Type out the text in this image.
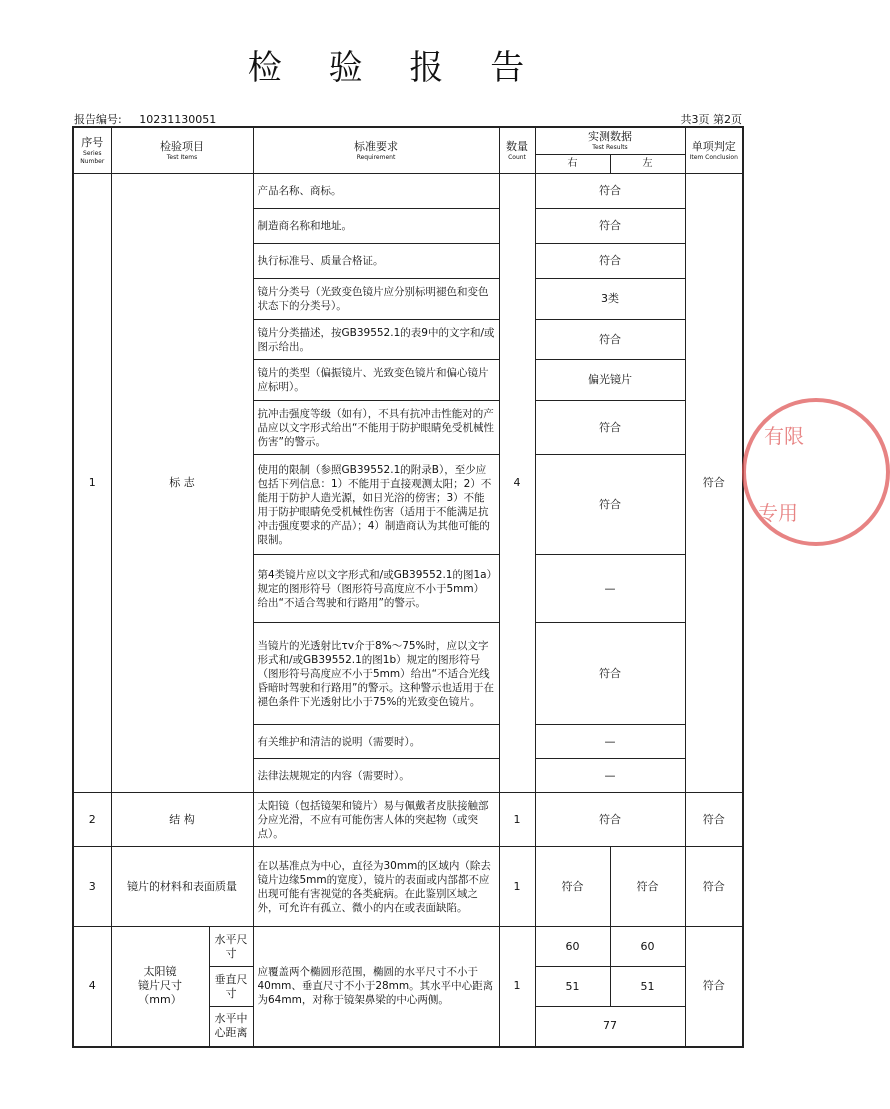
检 验 报 告
报告编号: 10231130051	共3页 第2页
序号
Series Number	检验项目
Test Items		标准要求
Requirement	数量
Count	实测数据
Test Results		单项判定
Item Conclusion

					右	左	
1	标 志		产品名称、商标。	4	符合		符合
			制造商名称和地址。		符合		
			执行标准号、质量合格证。		符合		
			镜片分类号（光致变色镜片应分别标明褪色和变色状态下的分类号）。		3类		
			镜片分类描述，按GB39552.1的表9中的文字和/或图示给出。		符合		
			镜片的类型（偏振镜片、光致变色镜片和偏心镜片应标明）。		偏光镜片		
			抗冲击强度等级（如有），不具有抗冲击性能对的产品应以文字形式给出“不能用于防护眼睛免受机械性伤害”的警示。		符合		
			使用的限制（参照GB39552.1的附录B），至少应包括下列信息：1）不能用于直接观测太阳；2）不能用于防护人造光源，如日光浴的傍害；3）不能用于防护眼睛免受机械性伤害（适用于不能满足抗冲击强度要求的产品）；4）制造商认为其他可能的限制。		符合		
			第4类镜片应以文字形式和/或GB39552.1的图1a）规定的图形符号（图形符号高度应不小于5mm）给出“不适合驾驶和行路用”的警示。		—		
			当镜片的光透射比τv介于8%～75%时，应以文字形式和/或GB39552.1的图1b）规定的图形符号（图形符号高度应不小于5mm）给出“不适合光线昏暗时驾驶和行路用”的警示。这种警示也适用于在褪色条件下光透射比小于75%的光致变色镜片。		符合		
			有关维护和清洁的说明（需要时）。		—		
			法律法规规定的内容（需要时）。		—		
2	结 构		太阳镜（包括镜架和镜片）易与佩戴者皮肤接触部分应光滑，不应有可能伤害人体的突起物（或突点）。	1	符合		符合
3	镜片的材料和表面质量		在以基准点为中心，直径为30mm的区域内（除去镜片边缘5mm的宽度），镜片的表面或内部都不应出现可能有害视觉的各类疵病。在此鉴别区域之外，可允许有孤立、微小的内在或表面缺陷。	1	符合	符合	符合
4	太阳镜
镜片尺寸
（mm）	水平尺寸	应覆盖两个椭圆形范围，椭圆的水平尺寸不小于40mm、垂直尺寸不小于28mm。其水平中心距离为64mm，对称于镜架鼻梁的中心两侧。	1	60	60	符合
		垂直尺寸			51	51	
		水平中心距离			77		
有限
专用
